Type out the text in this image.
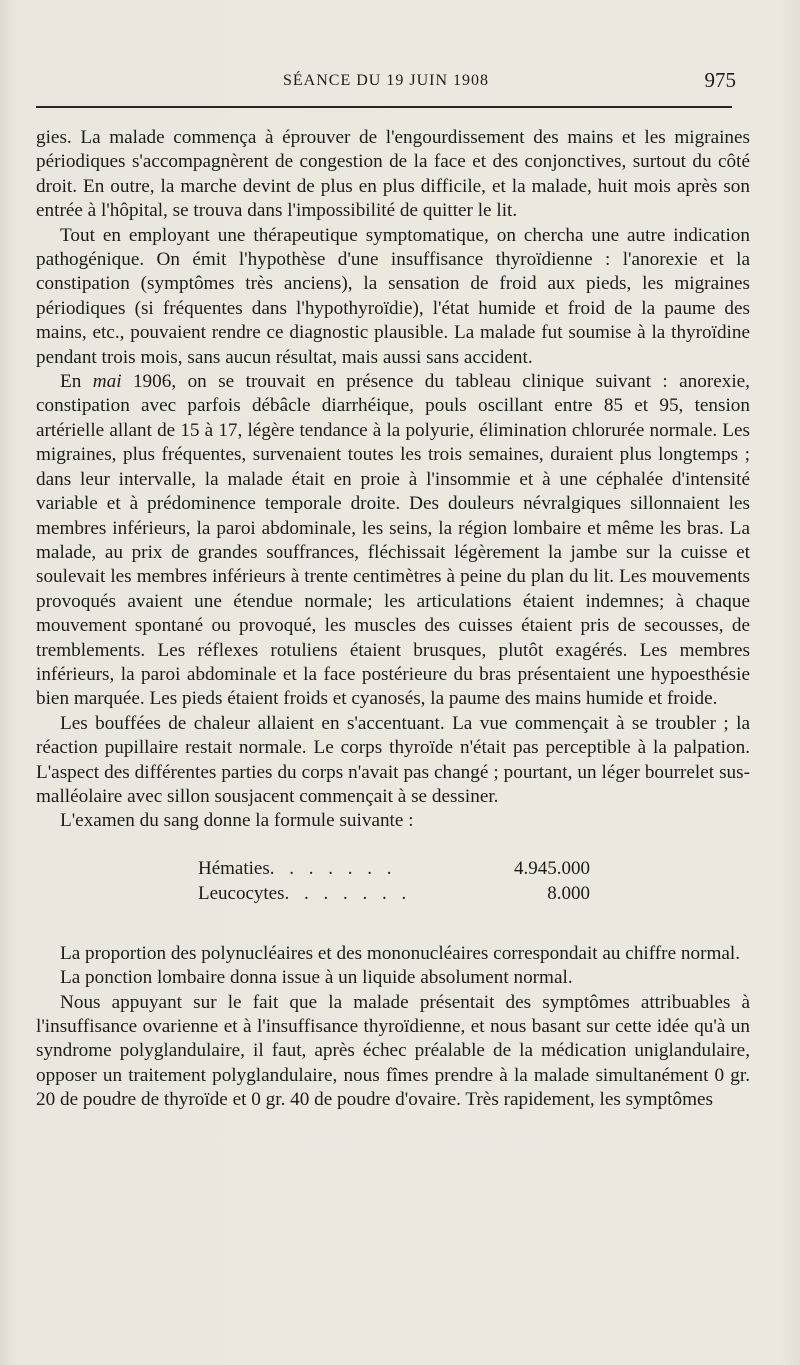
SÉANCE DU 19 JUIN 1908	975

gies. La malade commença à éprouver de l'engourdissement des mains et les migraines périodiques s'accompagnèrent de congestion de la face et des conjonctives, surtout du côté droit. En outre, la marche devint de plus en plus difficile, et la malade, huit mois après son entrée à l'hôpital, se trouva dans l'impossibilité de quitter le lit.

Tout en employant une thérapeutique symptomatique, on chercha une autre indication pathogénique. On émit l'hypothèse d'une insuffisance thyroïdienne : l'anorexie et la constipation (symptômes très anciens), la sensation de froid aux pieds, les migraines périodiques (si fréquentes dans l'hypothyroïdie), l'état humide et froid de la paume des mains, etc., pouvaient rendre ce diagnostic plausible. La malade fut soumise à la thyroïdine pendant trois mois, sans aucun résultat, mais aussi sans accident.

En mai 1906, on se trouvait en présence du tableau clinique suivant : anorexie, constipation avec parfois débâcle diarrhéique, pouls oscillant entre 85 et 95, tension artérielle allant de 15 à 17, légère tendance à la polyurie, élimination chlorurée normale. Les migraines, plus fréquentes, survenaient toutes les trois semaines, duraient plus longtemps ; dans leur intervalle, la malade était en proie à l'insommie et à une céphalée d'intensité variable et à prédominence temporale droite. Des douleurs névralgiques sillonnaient les membres inférieurs, la paroi abdominale, les seins, la région lombaire et même les bras. La malade, au prix de grandes souffrances, fléchissait légèrement la jambe sur la cuisse et soulevait les membres inférieurs à trente centimètres à peine du plan du lit. Les mouvements provoqués avaient une étendue normale; les articulations étaient indemnes; à chaque mouvement spontané ou provoqué, les muscles des cuisses étaient pris de secousses, de tremblements. Les réflexes rotuliens étaient brusques, plutôt exagérés. Les membres inférieurs, la paroi abdominale et la face postérieure du bras présentaient une hypoesthésie bien marquée. Les pieds étaient froids et cyanosés, la paume des mains humide et froide.

Les bouffées de chaleur allaient en s'accentuant. La vue commençait à se troubler ; la réaction pupillaire restait normale. Le corps thyroïde n'était pas perceptible à la palpation. L'aspect des différentes parties du corps n'avait pas changé ; pourtant, un léger bourrelet sus-malléolaire avec sillon sousjacent commençait à se dessiner.

L'examen du sang donne la formule suivante :

Hématies. . . . . . .	4.945.000
Leucocytes. . . . . . .	8.000

La proportion des polynucléaires et des mononucléaires correspondait au chiffre normal.

La ponction lombaire donna issue à un liquide absolument normal.

Nous appuyant sur le fait que la malade présentait des symptômes attribuables à l'insuffisance ovarienne et à l'insuffisance thyroïdienne, et nous basant sur cette idée qu'à un syndrome polyglandulaire, il faut, après échec préalable de la médication uniglandulaire, opposer un traitement polyglandulaire, nous fîmes prendre à la malade simultanément 0 gr. 20 de poudre de thyroïde et 0 gr. 40 de poudre d'ovaire. Très rapidement, les symptômes
